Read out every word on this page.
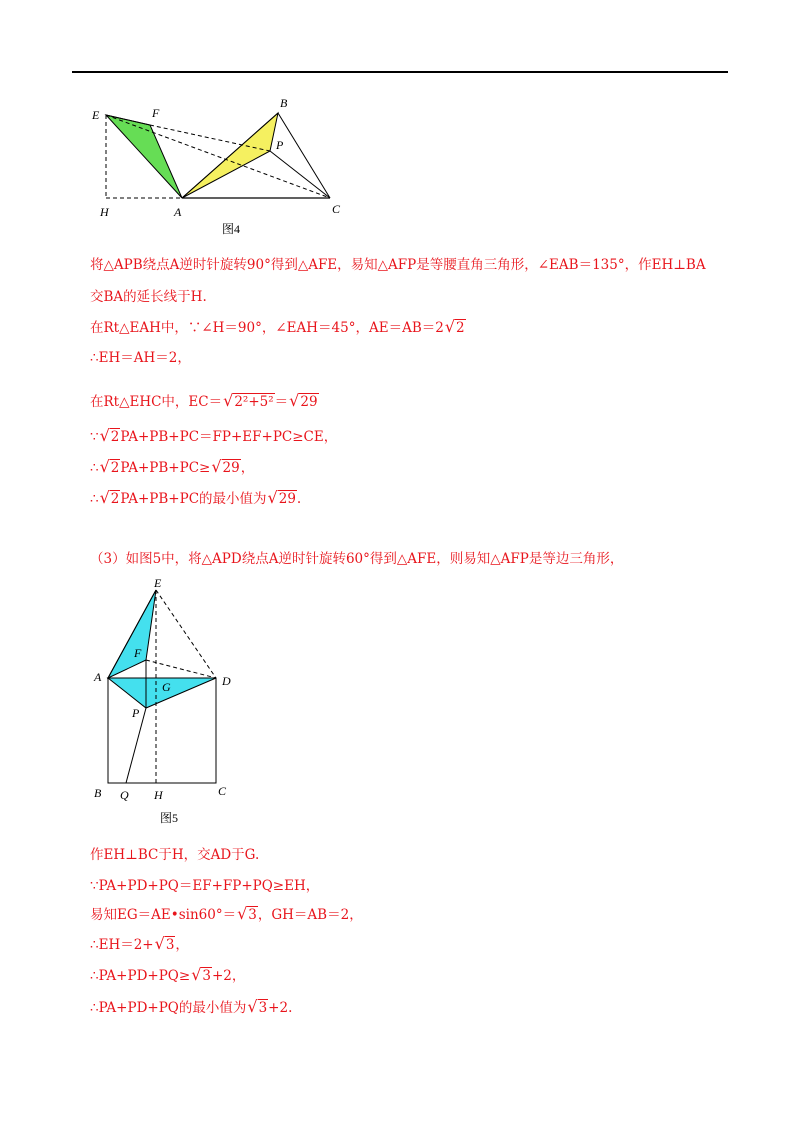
E	F
B
P
H	A	C
图4
将△APB绕点A逆时针旋转90°得到△AFE，易知△AFP是等腰直角三角形，∠EAB＝135°，作EH⊥BA
交BA的延长线于H.
在Rt△EAH中，∵∠H＝90°，∠EAH＝45°，AE＝AB＝2√2
∴EH＝AH＝2，
在Rt△EHC中，EC＝√2²+5²＝√29
∵√2PA+PB+PC＝FP+EF+PC≥CE，
∴√2PA+PB+PC≥√29，
∴√2PA+PB+PC的最小值为√29.
（3）如图5中，将△APD绕点A逆时针旋转60°得到△AFE，则易知△AFP是等边三角形，
E
F
A
G	D
P
B Q H	C
图5
作EH⊥BC于H，交AD于G.
∵PA+PD+PQ＝EF+FP+PQ≥EH，
易知EG＝AE•sin60°＝√3，GH＝AB＝2，
∴EH＝2+√3，
∴PA+PD+PQ≥√3+2，
∴PA+PD+PQ的最小值为√3+2.
